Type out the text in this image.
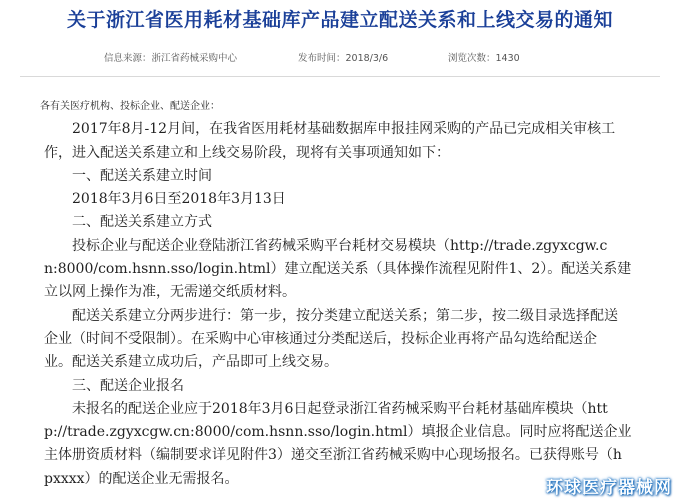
关于浙江省医用耗材基础库产品建立配送关系和上线交易的通知
信息来源：浙江省药械采购中心	发布时间：2018/3/6	浏览次数：1430

各有关医疗机构、投标企业、配送企业：

2017年8月-12月间，在我省医用耗材基础数据库申报挂网采购的产品已完成相关审核工

作，进入配送关系建立和上线交易阶段，现将有关事项通知如下：

一、配送关系建立时间

2018年3月6日至2018年3月13日

二、配送关系建立方式

投标企业与配送企业登陆浙江省药械采购平台耗材交易模块（http://trade.zgyxcgw.c

n:8000/com.hsnn.sso/login.html）建立配送关系（具体操作流程见附件1、2）。配送关系建

立以网上操作为准，无需递交纸质材料。

配送关系建立分两步进行：第一步，按分类建立配送关系；第二步，按二级目录选择配送

企业（时间不受限制）。在采购中心审核通过分类配送后，投标企业再将产品勾选给配送企

业。配送关系建立成功后，产品即可上线交易。

三、配送企业报名

未报名的配送企业应于2018年3月6日起登录浙江省药械采购平台耗材基础库模块（htt

p://trade.zgyxcgw.cn:8000/com.hsnn.sso/login.html）填报企业信息。同时应将配送企业

主体册资质材料（编制要求详见附件3）递交至浙江省药械采购中心现场报名。已获得账号（h

pxxxx）的配送企业无需报名。	环球医疗器械网
